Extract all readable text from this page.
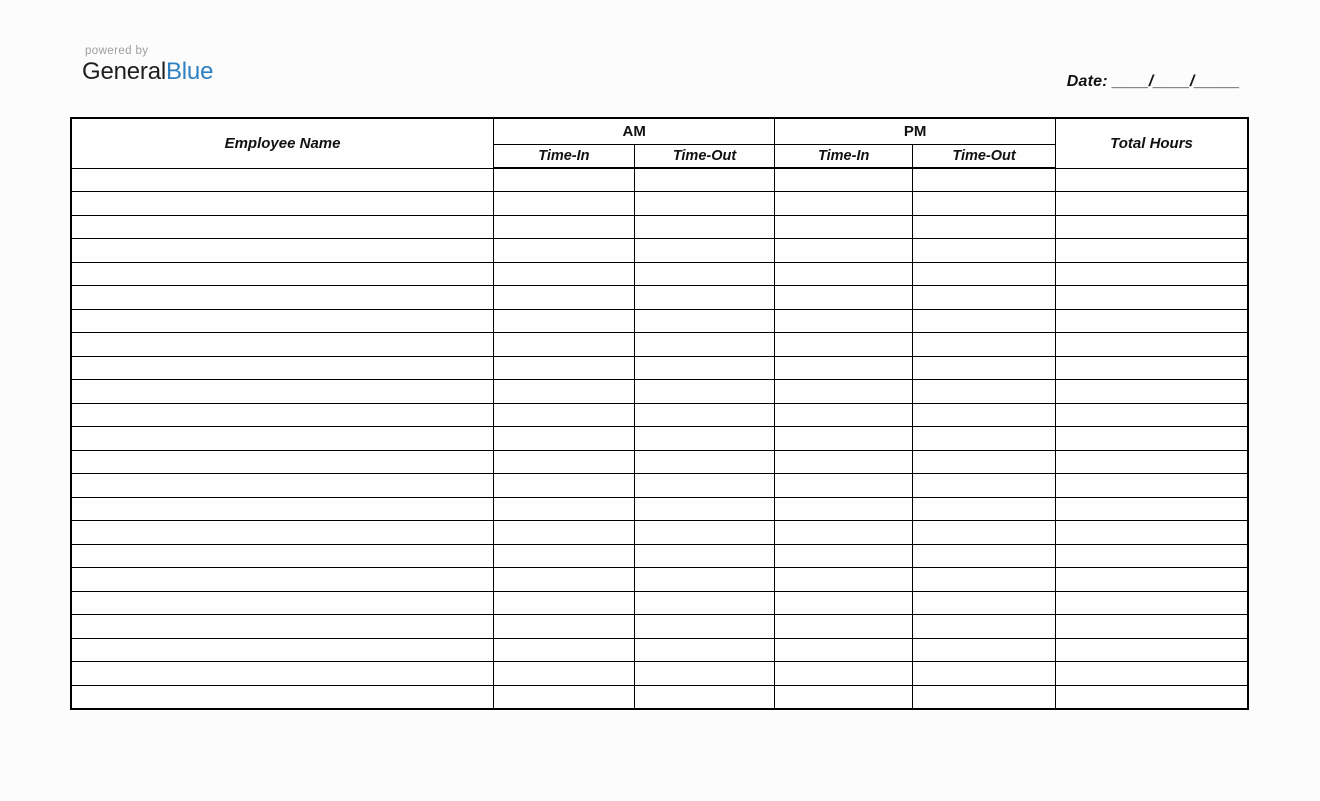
powered by
GeneralBlue	Date: ____/____/_____
Employee Name	AM		PM		Total Hours
	Time-In	Time-Out	Time-In	Time-Out	
